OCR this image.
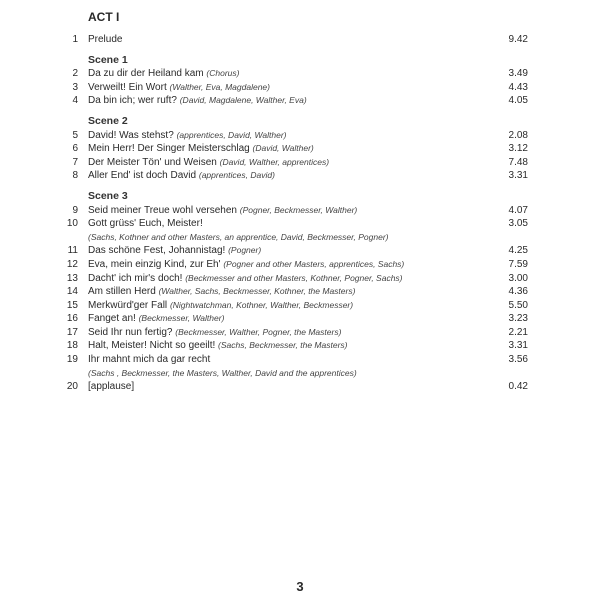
ACT I
1 Prelude	9.42
Scene 1
2 Da zu dir der Heiland kam (Chorus)	3.49
3 Verweilt! Ein Wort (Walther, Eva, Magdalene)	4.43
4 Da bin ich; wer ruft? (David, Magdalene, Walther, Eva)	4.05
Scene 2
5 David! Was stehst? (apprentices, David, Walther)	2.08
6 Mein Herr! Der Singer Meisterschlag (David, Walther)	3.12
7 Der Meister Tön' und Weisen (David, Walther, apprentices)	7.48
8 Aller End' ist doch David (apprentices, David)	3.31
Scene 3
9 Seid meiner Treue wohl versehen (Pogner, Beckmesser, Walther)	4.07
10 Gott grüss' Euch, Meister!	3.05
(Sachs, Kothner and other Masters, an apprentice, David, Beckmesser, Pogner)
11 Das schöne Fest, Johannistag! (Pogner)	4.25
12 Eva, mein einzig Kind, zur Eh' (Pogner and other Masters, apprentices, Sachs)	7.59
13 Dacht' ich mir's doch! (Beckmesser and other Masters, Kothner, Pogner, Sachs)	3.00
14 Am stillen Herd (Walther, Sachs, Beckmesser, Kothner, the Masters)	4.36
15 Merkwürd'ger Fall (Nightwatchman, Kothner, Walther, Beckmesser)	5.50
16 Fanget an! (Beckmesser, Walther)	3.23
17 Seid Ihr nun fertig? (Beckmesser, Walther, Pogner, the Masters)	2.21
18 Halt, Meister! Nicht so geeilt! (Sachs, Beckmesser, the Masters)	3.31
19 Ihr mahnt mich da gar recht	3.56
(Sachs , Beckmesser, the Masters, Walther, David and the apprentices)
20 [applause]	0.42
3
